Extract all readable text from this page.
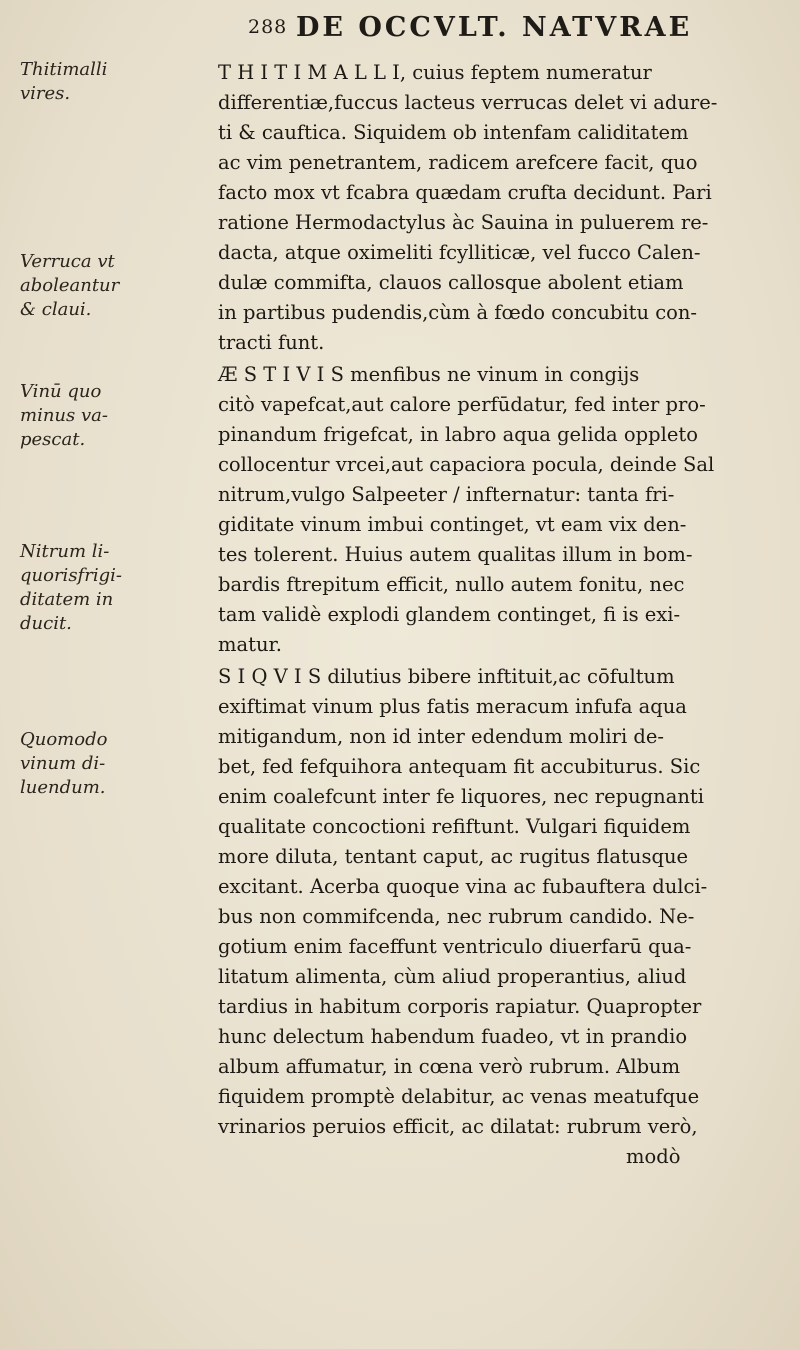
288 DE OCCVLT. NATVRAE
Thitimalli
vires.
Verruca vt
aboleantur
& claui.
Vinū quo
minus va-
pescat.
Nitrum li-
quorisfrigi-
ditatem in
ducit.
Quomodo
vinum di-
luendum.
T H I T I M A L L I, cuius feptem numeratur
differentiæ,fuccus lacteus verrucas delet vi adure-
ti & cauftica. Siquidem ob intenfam caliditatem
ac vim penetrantem, radicem arefcere facit, quo
facto mox vt fcabra quædam crufta decidunt. Pari
ratione Hermodactylus àc Sauina in puluerem re-
dacta, atque oximeliti fcylliticæ, vel fucco Calen-
dulæ commifta, clauos callosque abolent etiam
in partibus pudendis,cùm à fœdo concubitu con-
tracti funt.
Æ S T I V I S menfibus ne vinum in congijs
citò vapefcat,aut calore perfūdatur, fed inter pro-
pinandum frigefcat, in labro aqua gelida oppleto
collocentur vrcei,aut capaciora pocula, deinde Sal
nitrum,vulgo Salpeeter / infternatur: tanta fri-
giditate vinum imbui continget, vt eam vix den-
tes tolerent. Huius autem qualitas illum in bom-
bardis ftrepitum efficit, nullo autem fonitu, nec
tam validè explodi glandem continget, fi is exi-
matur.
S I Q V I S dilutius bibere inftituit,ac cōfultum
exiftimat vinum plus fatis meracum infufa aqua
mitigandum, non id inter edendum moliri de-
bet, fed fefquihora antequam fit accubiturus. Sic
enim coalefcunt inter fe liquores, nec repugnanti
qualitate concoctioni refiftunt. Vulgari fiquidem
more diluta, tentant caput, ac rugitus flatusque
excitant. Acerba quoque vina ac fubauftera dulci-
bus non commifcenda, nec rubrum candido. Ne-
gotium enim faceffunt ventriculo diuerfarū qua-
litatum alimenta, cùm aliud properantius, aliud
tardius in habitum corporis rapiatur. Quapropter
hunc delectum habendum fuadeo, vt in prandio
album affumatur, in cœna verò rubrum. Album
fiquidem promptè delabitur, ac venas meatufque
vrinarios peruios efficit, ac dilatat: rubrum verò,
modò
